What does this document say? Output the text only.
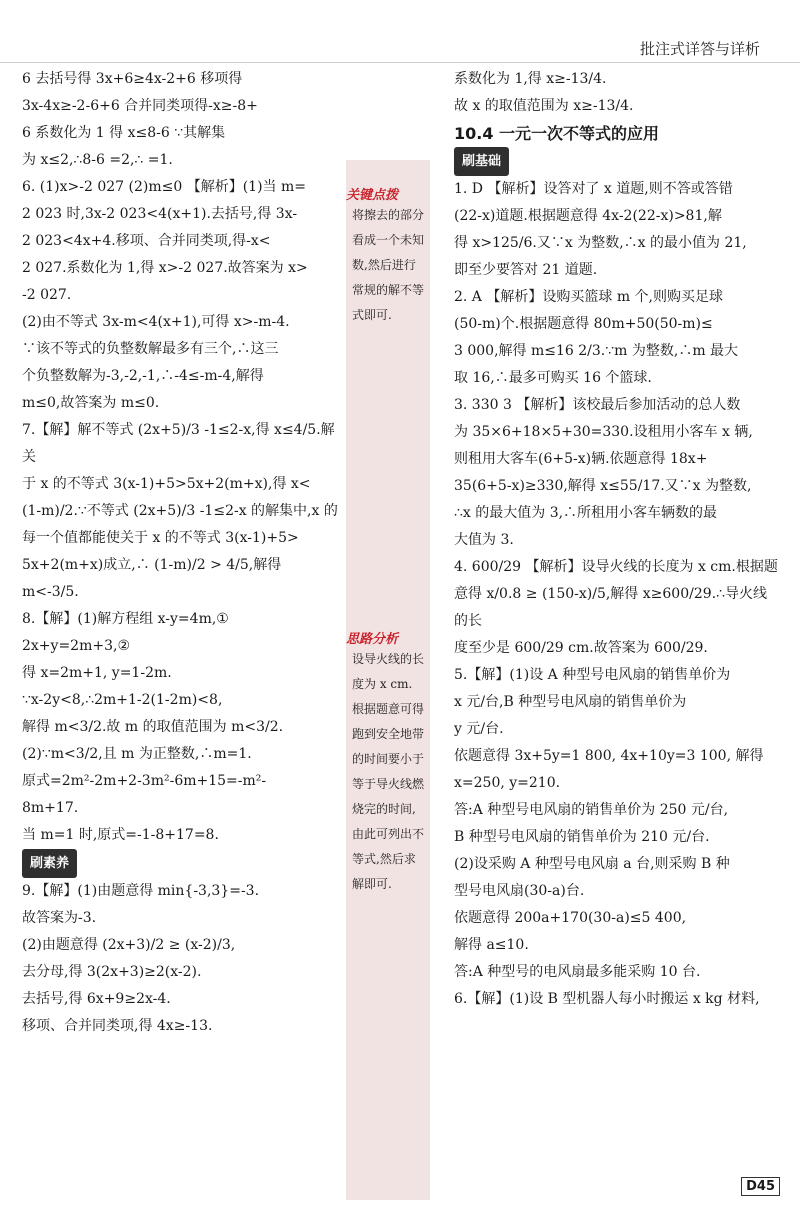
批注式详答与详析

6 去括号得 3x+6≥4x-2+6 移项得

3x-4x≥-2-6+6 合并同类项得-x≥-8+

6 系数化为 1 得 x≤8-6 ∵其解集

为 x≤2,∴8-6 =2,∴ =1.

6. (1)x>-2 027 (2)m≤0 【解析】(1)当 m=

2 023 时,3x-2 023<4(x+1).去括号,得 3x-

2 023<4x+4.移项、合并同类项,得-x<

2 027.系数化为 1,得 x>-2 027.故答案为 x>

-2 027.

(2)由不等式 3x-m<4(x+1),可得 x>-m-4.

∵该不等式的负整数解最多有三个,∴这三

个负整数解为-3,-2,-1,∴-4≤-m-4,解得

m≤0,故答案为 m≤0.

7.【解】解不等式 (2x+5)/3 -1≤2-x,得 x≤4/5.解关

于 x 的不等式 3(x-1)+5>5x+2(m+x),得 x<

(1-m)/2.∵不等式 (2x+5)/3 -1≤2-x 的解集中,x 的

每一个值都能使关于 x 的不等式 3(x-1)+5>

5x+2(m+x)成立,∴ (1-m)/2 > 4/5,解得 m<-3/5.

8.【解】(1)解方程组 x-y=4m,① 2x+y=2m+3,②

得 x=2m+1, y=1-2m.

∵x-2y<8,∴2m+1-2(1-2m)<8,

解得 m<3/2.故 m 的取值范围为 m<3/2.

(2)∵m<3/2,且 m 为正整数,∴m=1.

原式=2m²-2m+2-3m²-6m+15=-m²-

8m+17.

当 m=1 时,原式=-1-8+17=8.

刷素养

9.【解】(1)由题意得 min{-3,3}=-3.

故答案为-3.

(2)由题意得 (2x+3)/2 ≥ (x-2)/3,

去分母,得 3(2x+3)≥2(x-2).

去括号,得 6x+9≥2x-4.

移项、合并同类项,得 4x≥-13.

关键点拨
将擦去的部分看成一个未知数,然后进行常规的解不等式即可.
思路分析
设导火线的长度为 x cm.根据题意可得跑到安全地带的时间要小于等于导火线燃烧完的时间,由此可列出不等式,然后求解即可.

系数化为 1,得 x≥-13/4.

故 x 的取值范围为 x≥-13/4.

10.4 一元一次不等式的应用

刷基础

1. D 【解析】设答对了 x 道题,则不答或答错

(22-x)道题.根据题意得 4x-2(22-x)>81,解

得 x>125/6.又∵x 为整数,∴x 的最小值为 21,

即至少要答对 21 道题.

2. A 【解析】设购买篮球 m 个,则购买足球

(50-m)个.根据题意得 80m+50(50-m)≤

3 000,解得 m≤16 2/3.∵m 为整数,∴m 最大

取 16,∴最多可购买 16 个篮球.

3. 330 3 【解析】该校最后参加活动的总人数

为 35×6+18×5+30=330.设租用小客车 x 辆,

则租用大客车(6+5-x)辆.依题意得 18x+

35(6+5-x)≥330,解得 x≤55/17.又∵x 为整数,

∴x 的最大值为 3,∴所租用小客车辆数的最

大值为 3.

4. 600/29 【解析】设导火线的长度为 x cm.根据题

意得 x/0.8 ≥ (150-x)/5,解得 x≥600/29.∴导火线的长

度至少是 600/29 cm.故答案为 600/29.

5.【解】(1)设 A 种型号电风扇的销售单价为

x 元/台,B 种型号电风扇的销售单价为

y 元/台.

依题意得 3x+5y=1 800, 4x+10y=3 100, 解得 x=250, y=210.

答:A 种型号电风扇的销售单价为 250 元/台,

B 种型号电风扇的销售单价为 210 元/台.

(2)设采购 A 种型号电风扇 a 台,则采购 B 种

型号电风扇(30-a)台.

依题意得 200a+170(30-a)≤5 400,

解得 a≤10.

答:A 种型号的电风扇最多能采购 10 台.

6.【解】(1)设 B 型机器人每小时搬运 x kg 材料,

D45
